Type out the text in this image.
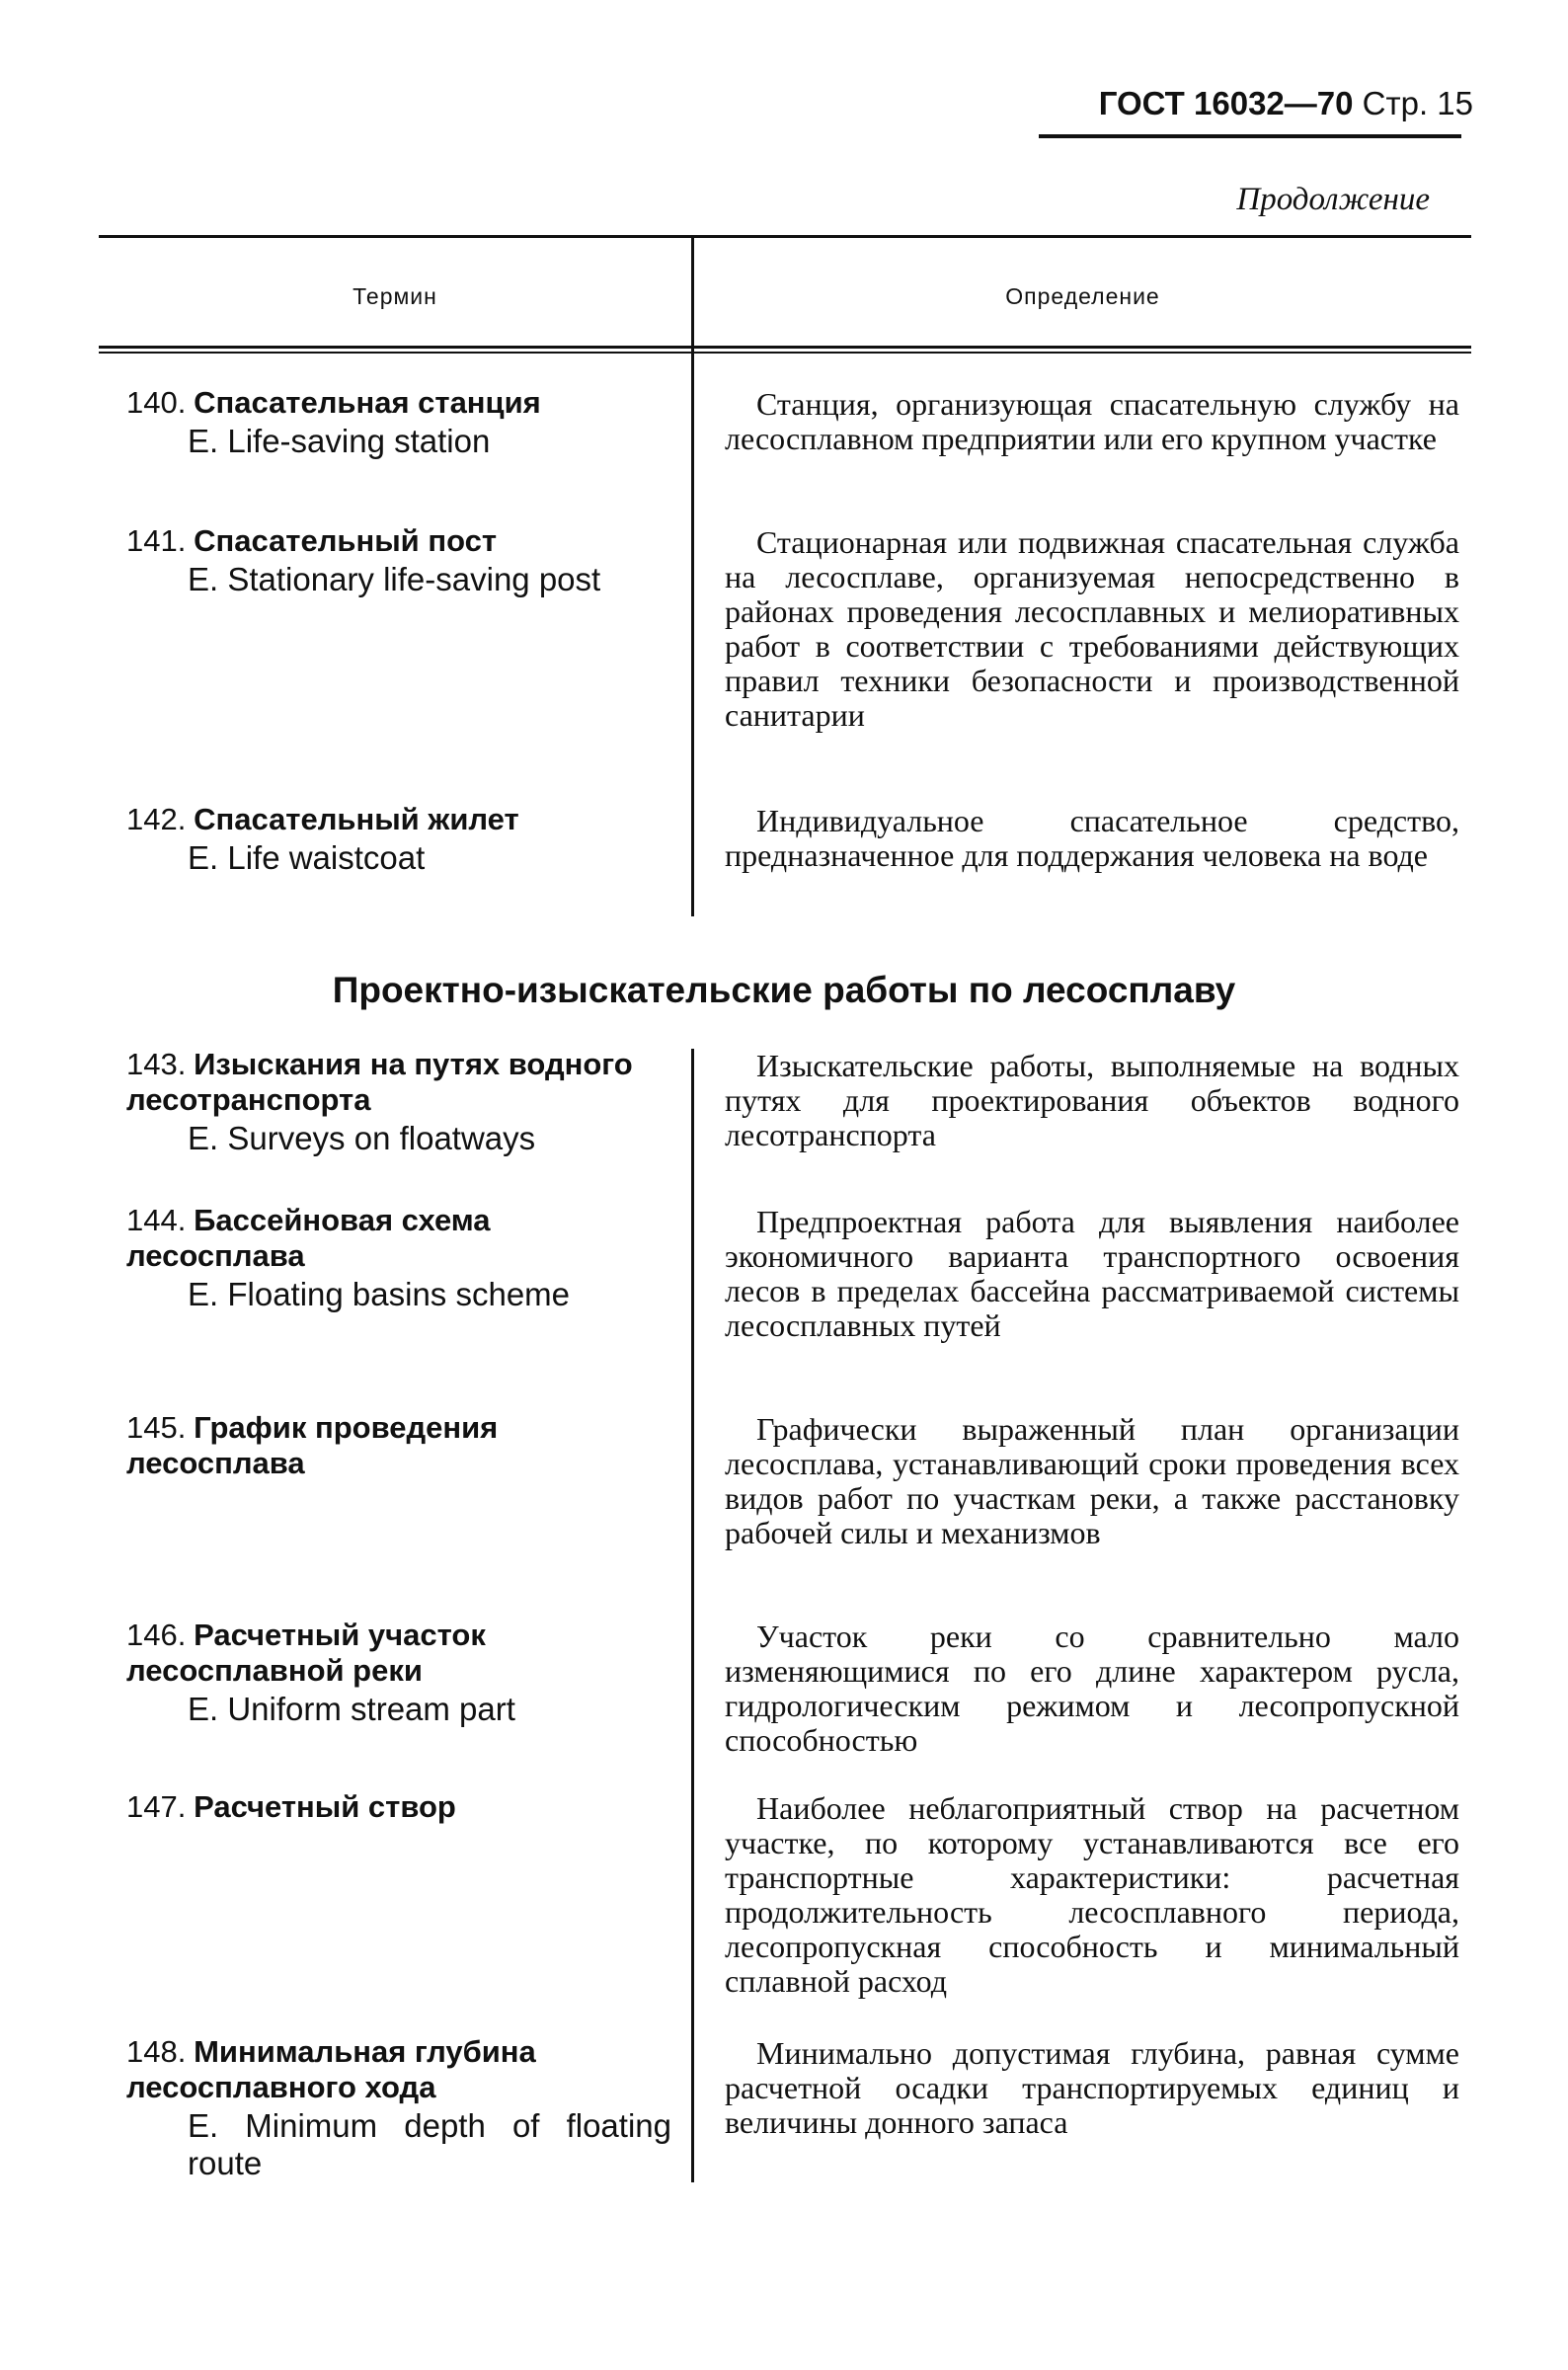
ГОСТ 16032—70 Стр. 15
Продолжение
Термин	Определение
140. Спасательная станция
E. Life-saving station
Станция, организующая спасательную службу на лесосплавном предприятии или его крупном участке
141. Спасательный пост
E. Stationary life-saving post
Стационарная или подвижная спасательная служба на лесосплаве, организуемая непосредственно в районах проведения лесосплавных и мелиоративных работ в соответствии с требованиями действующих правил техники безопасности и производственной санитарии
142. Спасательный жилет
E. Life waistcoat
Индивидуальное спасательное средство, предназначенное для поддержания человека на воде
Проектно-изыскательские работы по лесосплаву
143. Изыскания на путях водного лесотранспорта
E. Surveys on floatways
Изыскательские работы, выполняемые на водных путях для проектирования объектов водного лесотранспорта
144. Бассейновая схема лесосплава
E. Floating basins scheme
Предпроектная работа для выявления наиболее экономичного варианта транспортного освоения лесов в пределах бассейна рассматриваемой системы лесосплавных путей
145. График проведения лесосплава
Графически выраженный план организации лесосплава, устанавливающий сроки проведения всех видов работ по участкам реки, а также расстановку рабочей силы и механизмов
146. Расчетный участок лесосплавной реки
E. Uniform stream part
Участок реки со сравнительно мало изменяющимися по его длине характером русла, гидрологическим режимом и лесопропускной способностью
147. Расчетный створ	Наиболее неблагоприятный створ на расчетном участке, по которому устанавливаются все его транспортные характеристики: расчетная продолжительность лесосплавного периода, лесопропускная способность и минимальный сплавной расход
148. Минимальная глубина лесосплавного хода
E. Minimum depth of floating route
Минимально допустимая глубина, равная сумме расчетной осадки транспортируемых единиц и величины донного запаса
